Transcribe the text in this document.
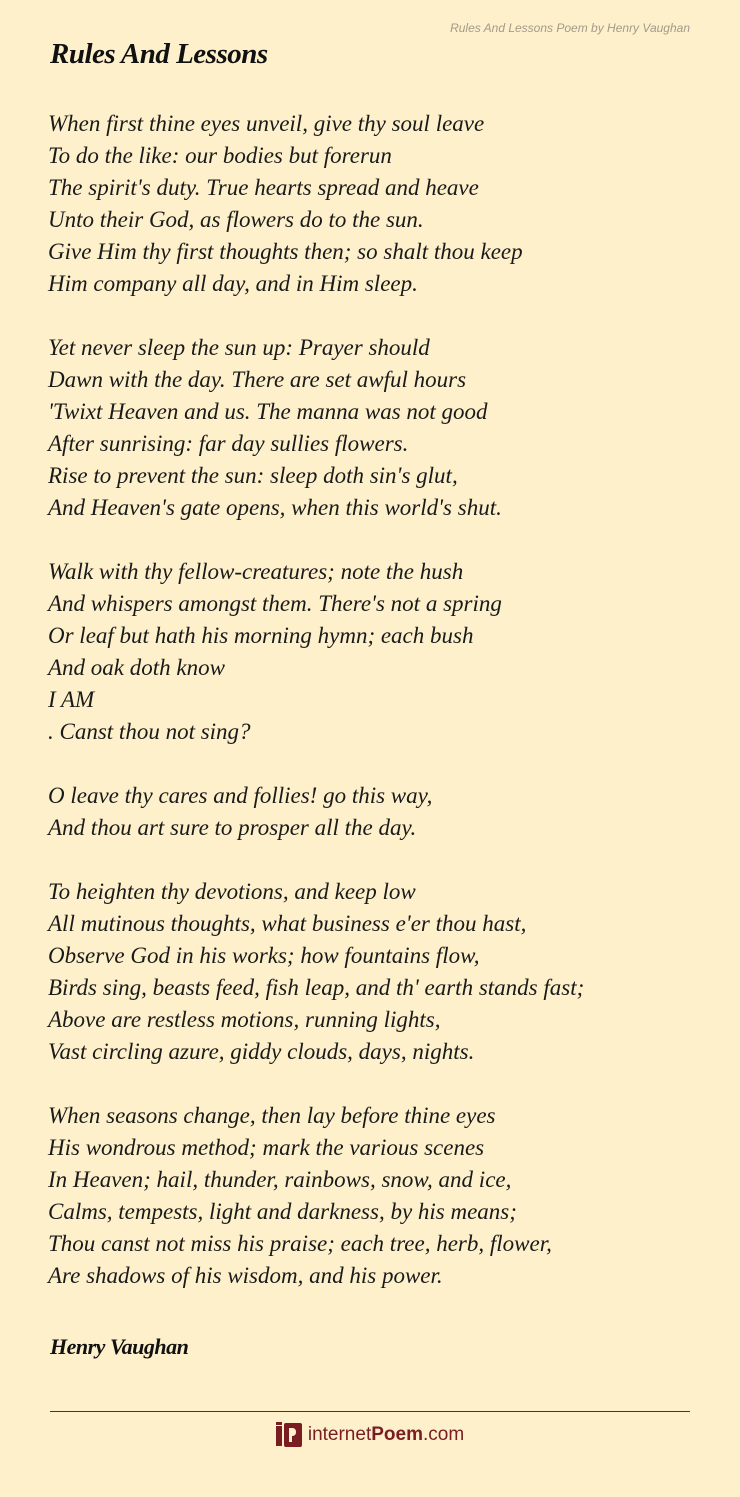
Rules And Lessons Poem by Henry Vaughan
Rules And Lessons
When first thine eyes unveil, give thy soul leave
To do the like: our bodies but forerun
The spirit's duty. True hearts spread and heave
Unto their God, as flowers do to the sun.
Give Him thy first thoughts then; so shalt thou keep
Him company all day, and in Him sleep.
Yet never sleep the sun up: Prayer should
Dawn with the day. There are set awful hours
'Twixt Heaven and us. The manna was not good
After sunrising: far day sullies flowers.
Rise to prevent the sun: sleep doth sin's glut,
And Heaven's gate opens, when this world's shut.
Walk with thy fellow-creatures; note the hush
And whispers amongst them. There's not a spring
Or leaf but hath his morning hymn; each bush
And oak doth know
I AM
. Canst thou not sing?
O leave thy cares and follies! go this way,
And thou art sure to prosper all the day.
To heighten thy devotions, and keep low
All mutinous thoughts, what business e'er thou hast,
Observe God in his works; how fountains flow,
Birds sing, beasts feed, fish leap, and th' earth stands fast;
Above are restless motions, running lights,
Vast circling azure, giddy clouds, days, nights.
When seasons change, then lay before thine eyes
His wondrous method; mark the various scenes
In Heaven; hail, thunder, rainbows, snow, and ice,
Calms, tempests, light and darkness, by his means;
Thou canst not miss his praise; each tree, herb, flower,
Are shadows of his wisdom, and his power.
Henry Vaughan
internetPoem.com
